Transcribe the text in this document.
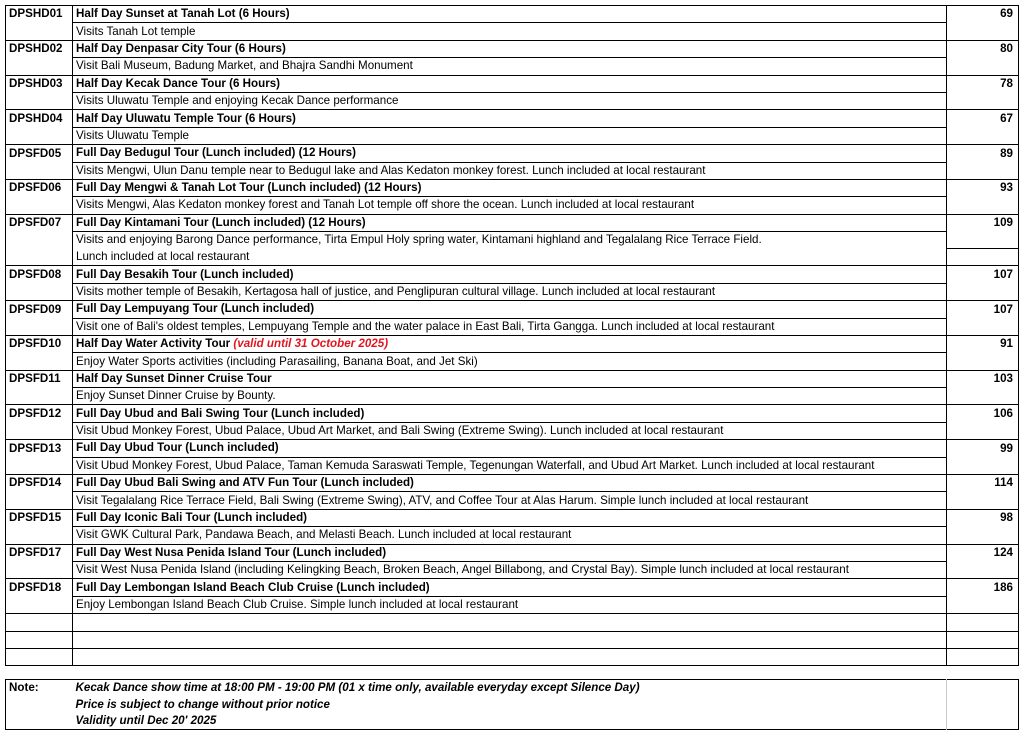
DPSHD01	Half Day Sunset at Tanah Lot (6 Hours)	69
	Visits Tanah Lot temple	
DPSHD02	Half Day Denpasar City Tour (6 Hours)	80
	Visit Bali Museum, Badung Market, and Bhajra Sandhi Monument	
DPSHD03	Half Day Kecak Dance Tour (6 Hours)	78
	Visits Uluwatu Temple and enjoying Kecak Dance performance	
DPSHD04	Half Day Uluwatu Temple Tour (6 Hours)	67
	Visits Uluwatu Temple	
DPSFD05	Full Day Bedugul Tour (Lunch included) (12 Hours)	89
	Visits Mengwi, Ulun Danu temple near to Bedugul lake and Alas Kedaton monkey forest. Lunch included at local restaurant	
DPSFD06	Full Day Mengwi & Tanah Lot Tour (Lunch included) (12 Hours)	93
	Visits Mengwi, Alas Kedaton monkey forest and Tanah Lot temple off shore the ocean. Lunch included at local restaurant	
DPSFD07	Full Day Kintamani Tour (Lunch included) (12 Hours)	109
	Visits and enjoying Barong Dance performance, Tirta Empul Holy spring water, Kintamani highland and Tegalalang Rice Terrace Field.	
	Lunch included at local restaurant	
DPSFD08	Full Day Besakih Tour (Lunch included)	107
	Visits mother temple of Besakih, Kertagosa hall of justice, and Penglipuran cultural village. Lunch included at local restaurant	
DPSFD09	Full Day Lempuyang Tour (Lunch included)	107
	Visit one of Bali's oldest temples, Lempuyang Temple and the water palace in East Bali, Tirta Gangga. Lunch included at local restaurant	
DPSFD10	Half Day Water Activity Tour (valid until 31 October 2025)	91
	Enjoy Water Sports activities (including Parasailing, Banana Boat, and Jet Ski)	
DPSFD11	Half Day Sunset Dinner Cruise Tour	103
	Enjoy Sunset Dinner Cruise by Bounty.	
DPSFD12	Full Day Ubud and Bali Swing Tour (Lunch included)	106
	Visit Ubud Monkey Forest, Ubud Palace, Ubud Art Market, and Bali Swing (Extreme Swing). Lunch included at local restaurant	
DPSFD13	Full Day Ubud Tour (Lunch included)	99
	Visit Ubud Monkey Forest, Ubud Palace, Taman Kemuda Saraswati Temple, Tegenungan Waterfall, and Ubud Art Market. Lunch included at local restaurant	
DPSFD14	Full Day Ubud Bali Swing and ATV Fun Tour (Lunch included)	114
	Visit Tegalalang Rice Terrace Field, Bali Swing (Extreme Swing), ATV, and Coffee Tour at Alas Harum. Simple lunch included at local restaurant	
DPSFD15	Full Day Iconic Bali Tour (Lunch included)	98
	Visit GWK Cultural Park, Pandawa Beach, and Melasti Beach. Lunch included at local restaurant	
DPSFD17	Full Day West Nusa Penida Island Tour (Lunch included)	124
	Visit West Nusa Penida Island (including Kelingking Beach, Broken Beach, Angel Billabong, and Crystal Bay). Simple lunch included at local restaurant	
DPSFD18	Full Day Lembongan Island Beach Club Cruise (Lunch included)	186
	Enjoy Lembongan Island Beach Club Cruise. Simple lunch included at local restaurant	

Note:	Kecak Dance show time at 18:00 PM - 19:00 PM (01 x time only, available everyday except Silence Day)	
	Price is subject to change without prior notice	
	Validity until Dec 20' 2025	
